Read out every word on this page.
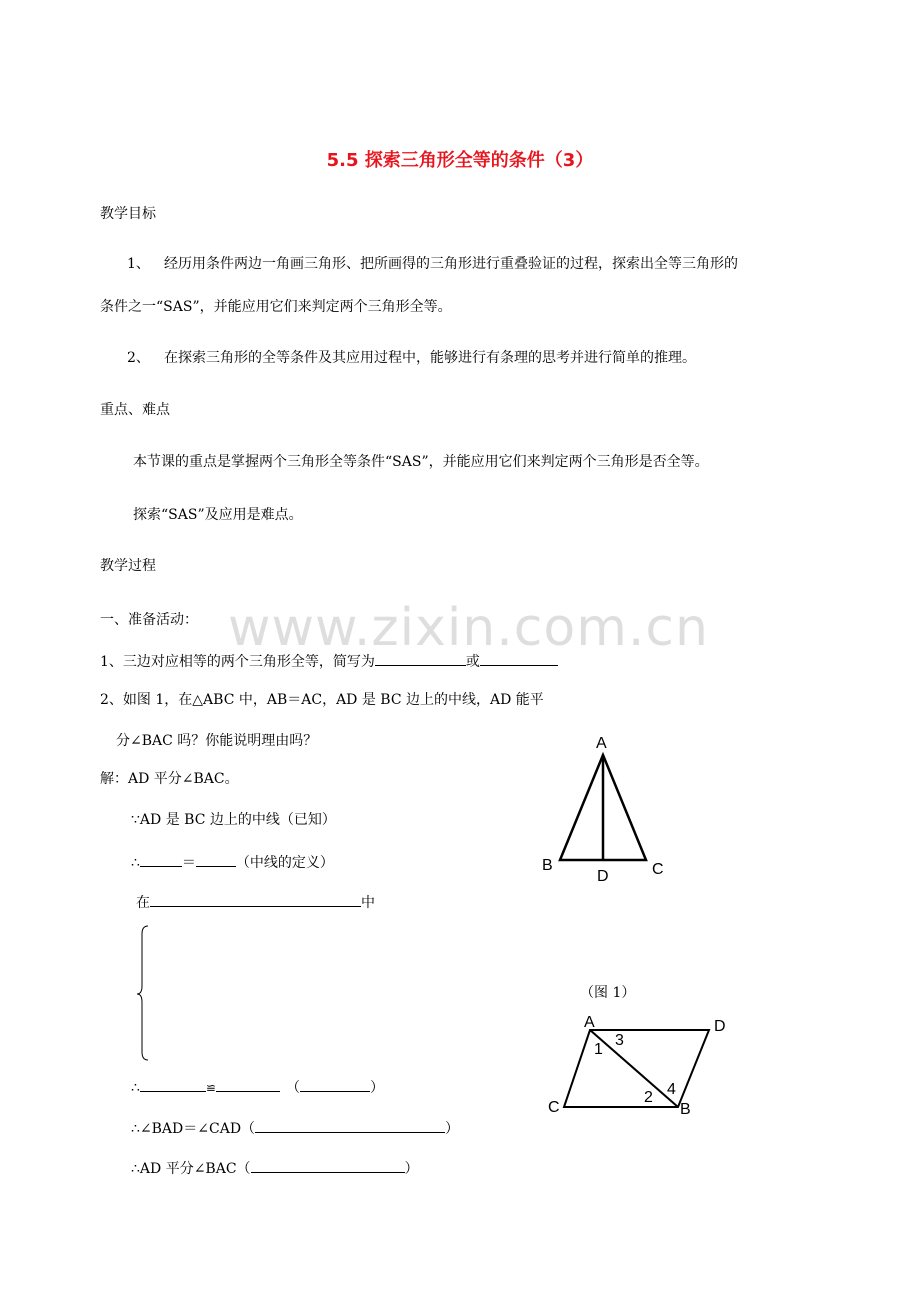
5.5 探索三角形全等的条件（3）
教学目标
1、 经历用条件两边一角画三角形、把所画得的三角形进行重叠验证的过程，探索出全等三角形的
条件之一“SAS”，并能应用它们来判定两个三角形全等。
2、 在探索三角形的全等条件及其应用过程中，能够进行有条理的思考并进行简单的推理。
重点、难点
本节课的重点是掌握两个三角形全等条件“SAS”，并能应用它们来判定两个三角形是否全等。
探索“SAS”及应用是难点。
教学过程
一、准备活动：
1、三边对应相等的两个三角形全等，简写为	或
2、如图 1，在△ABC 中，AB＝AC，AD 是 BC 边上的中线，AD 能平
分∠BAC 吗？你能说明理由吗？
解：AD 平分∠BAC。
∵AD 是 BC 边上的中线（已知）
∴	＝	（中线的定义）
在	中
∴	≌	（	）
∴∠BAD＝∠CAD（	）
∴AD 平分∠BAC（	）
A
B
D	C
（图 1）
A	D
C	B
1
3
2 4
www.zixin.com.cn
